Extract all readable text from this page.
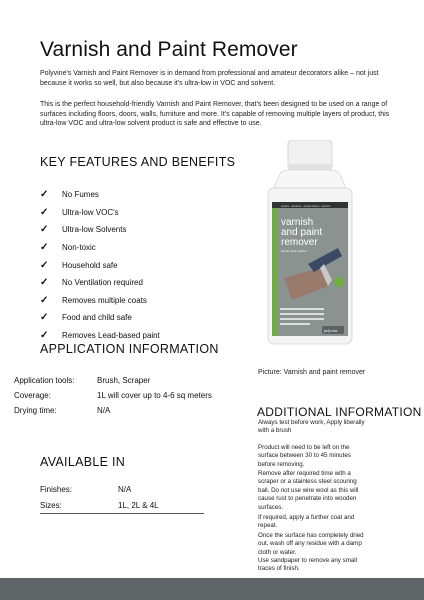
Varnish and Paint Remover
Polyvine's Varnish and Paint Remover is in demand from professional and amateur decorators alike – not just because it works so well, but also because it's ultra-low in VOC and solvent.
This is the perfect household-friendly Varnish and Paint Remover, that's been designed to be used on a range of surfaces including floors, doors, walls, furniture and more. It's capable of removing multiple layers of product, this ultra-low VOC and ultra-low solvent product is safe and effective to use.
KEY FEATURES AND BENEFITS
✓	No Fumes
✓	Ultra-low VOC's
✓	Ultra-low Solvents
✓	Non-toxic
✓	Household safe
✓	No Ventilation required
✓	Removes multiple coats
✓	Food and child safe
✓	Removes Lead-based paint
APPLICATION INFORMATION
Application tools:	Brush, Scraper
Coverage:	1L will cover up to 4-6 sq meters
Drying time:	N/A
AVAILABLE IN
Finishes:	N/A
Sizes:	1L, 2L & 4L
acrylics · varnishes · window frames · interiors
varnish
and paint
remover
interior and exterior
polyvine
Picture: Varnish and paint remover
ADDITIONAL INFORMATION
Always test before work, Apply liberally with a brush
Product will need to be left on the surface between 30 to 45 minutes before removing.
Remove after required time with a scraper or a stainless steel scouring ball. Do not use wire wool as this will cause rust to penetrate into wooden surfaces.
If required, apply a further coat and repeat.
Once the surface has completely dried out, wash off any residue with a damp cloth or water.
Use sandpaper to remove any small traces of finish.
